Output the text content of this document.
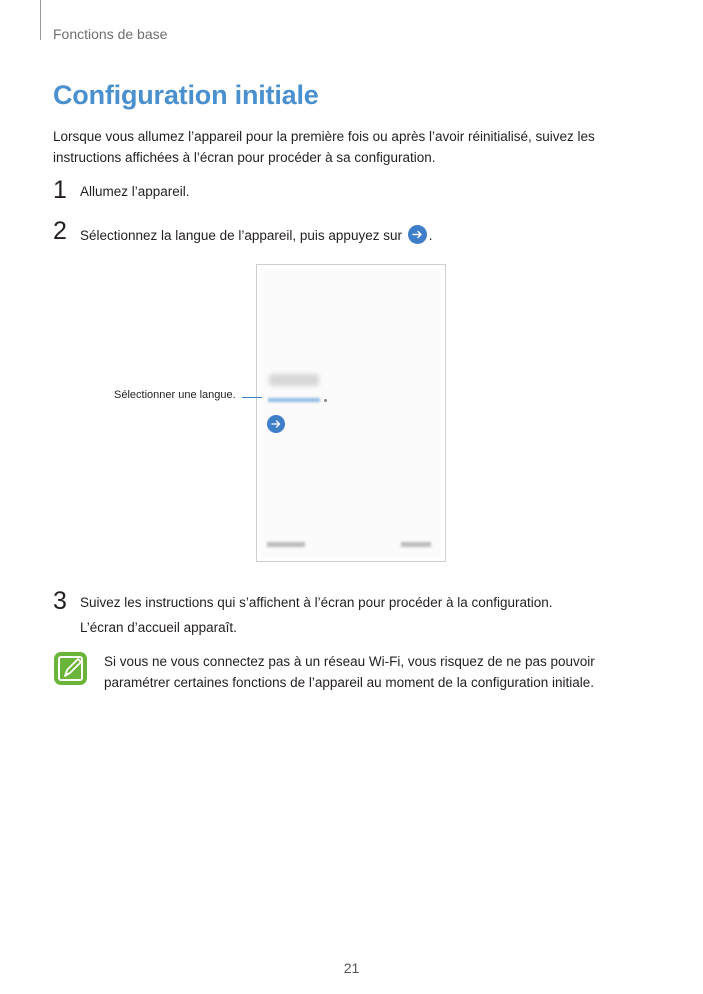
Fonctions de base
Configuration initiale
Lorsque vous allumez l’appareil pour la première fois ou après l’avoir réinitialisé, suivez les instructions affichées à l’écran pour procéder à sa configuration.
1 Allumez l’appareil.
2 Sélectionnez la langue de l’appareil, puis appuyez sur .
Sélectionner une langue.
3 Suivez les instructions qui s’affichent à l’écran pour procéder à la configuration.
L’écran d’accueil apparaît.
Si vous ne vous connectez pas à un réseau Wi-Fi, vous risquez de ne pas pouvoir paramétrer certaines fonctions de l’appareil au moment de la configuration initiale.
21
